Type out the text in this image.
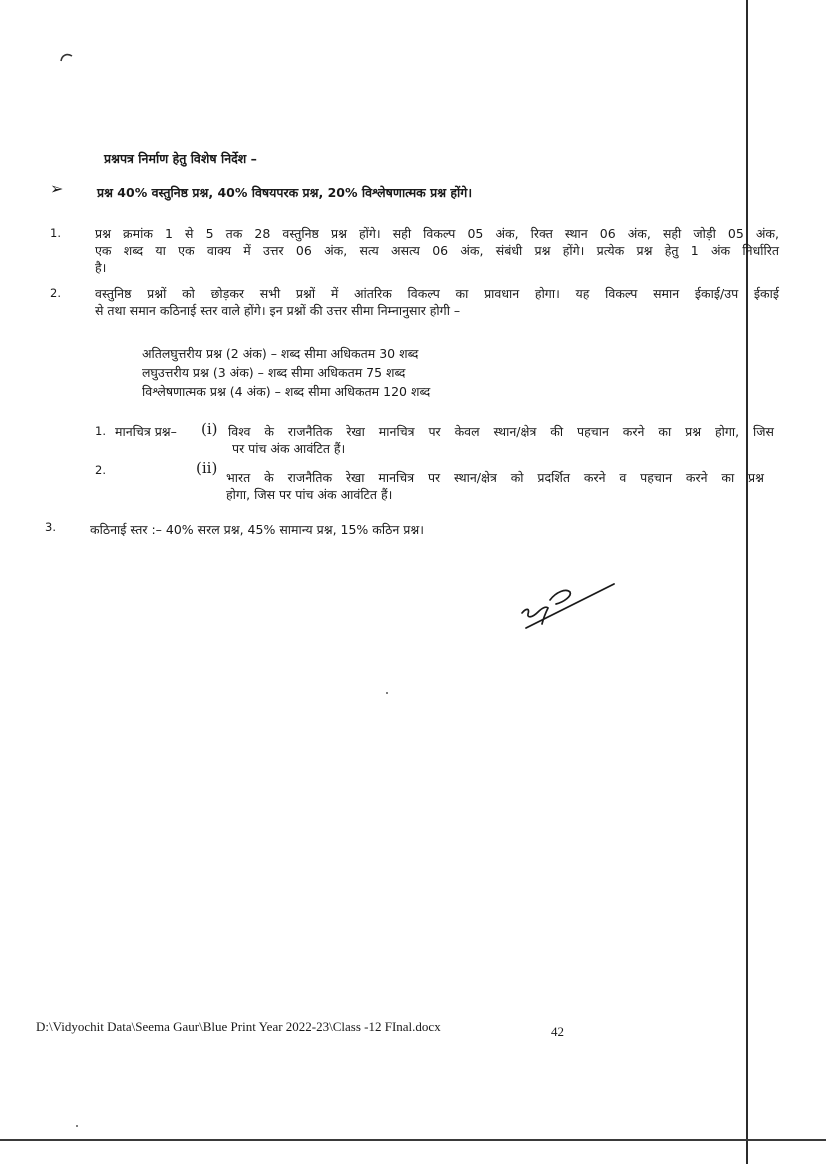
प्रश्नपत्र निर्माण हेतु विशेष निर्देश –
➢	प्रश्न 40% वस्तुनिष्ठ प्रश्न, 40% विषयपरक प्रश्न, 20% विश्लेषणात्मक प्रश्न होंगे।
1.	प्रश्न क्रमांक 1 से 5 तक 28 वस्तुनिष्ठ प्रश्न होंगे। सही विकल्प 05 अंक, रिक्त स्थान 06 अंक, सही जोड़ी 05 अंक,
एक शब्द या एक वाक्य में उत्तर 06 अंक, सत्य असत्य 06 अंक, संबंधी प्रश्न होंगे। प्रत्येक प्रश्न हेतु 1 अंक निर्धारित
है।
2.	वस्तुनिष्ठ प्रश्नों को छोड़कर सभी प्रश्नों में आंतरिक विकल्प का प्रावधान होगा। यह विकल्प समान ईकाई/उप ईकाई
से तथा समान कठिनाई स्तर वाले होंगे। इन प्रश्नों की उत्तर सीमा निम्नानुसार होगी –
अतिलघुत्तरीय प्रश्न (2 अंक) – शब्द सीमा अधिकतम 30 शब्द
लघुउत्तरीय प्रश्न (3 अंक) – शब्द सीमा अधिकतम 75 शब्द
विश्लेषणात्मक प्रश्न (4 अंक) – शब्द सीमा अधिकतम 120 शब्द
1. मानचित्र प्रश्न– (i) विश्व के राजनैतिक रेखा मानचित्र पर केवल स्थान/क्षेत्र की पहचान करने का प्रश्न होगा, जिस
पर पांच अंक आवंटित हैं।
2.	(ii)
भारत के राजनैतिक रेखा मानचित्र पर स्थान/क्षेत्र को प्रदर्शित करने व पहचान करने का प्रश्न
होगा, जिस पर पांच अंक आवंटित हैं।
3.	कठिनाई स्तर :– 40% सरल प्रश्न, 45% सामान्य प्रश्न, 15% कठिन प्रश्न।
D:\Vidyochit Data\Seema Gaur\Blue Print Year 2022-23\Class -12 FInal.docx	42
